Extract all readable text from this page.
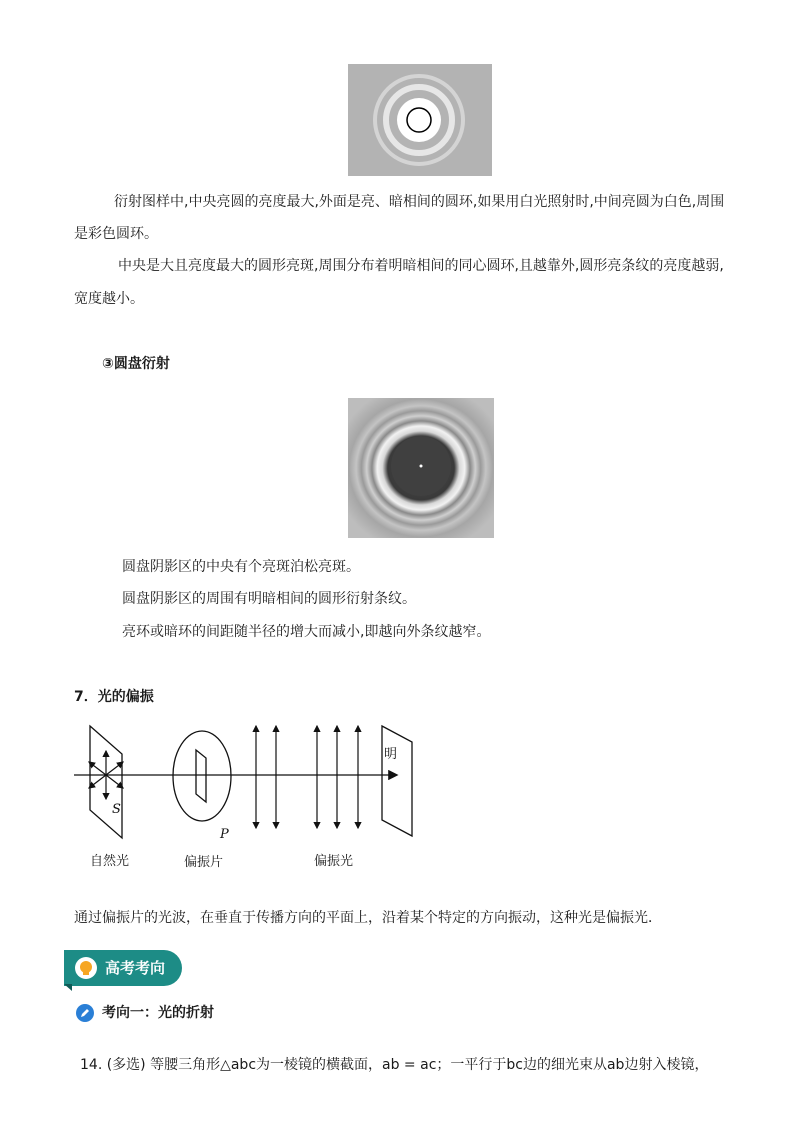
衍射图样中,中央亮圆的亮度最大,外面是亮、暗相间的圆环,如果用白光照射时,中间亮圆为白色,周围
是彩色圆环。
中央是大且亮度最大的圆形亮斑,周围分布着明暗相间的同心圆环,且越靠外,圆形亮条纹的亮度越弱,
宽度越小。
③圆盘衍射
圆盘阴影区的中央有个亮斑泊松亮斑。
圆盘阴影区的周围有明暗相间的圆形衍射条纹。
亮环或暗环的间距随半径的增大而减小,即越向外条纹越窄。
7．光的偏振
S
P
明
自然光	偏振片	偏振光
通过偏振片的光波，在垂直于传播方向的平面上，沿着某个特定的方向振动，这种光是偏振光．
高考考向
考向一：光的折射
14. (多选) 等腰三角形△abc为一棱镜的横截面，ab = ac；一平行于bc边的细光束从ab边射入棱镜，
